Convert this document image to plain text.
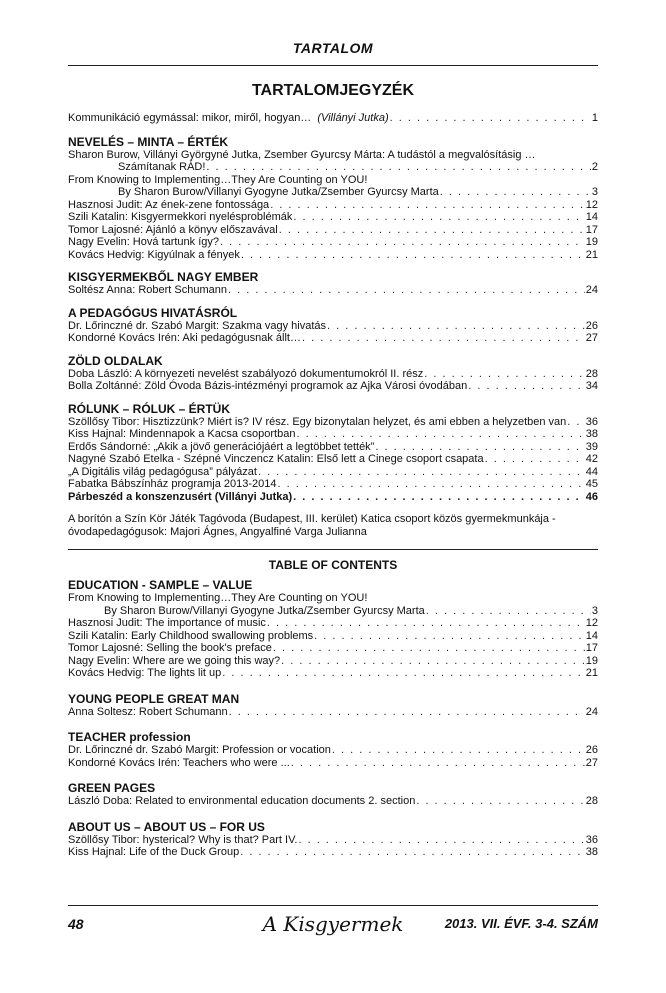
TARTALOM
TARTALOMJEGYZÉK
Kommunikáció egymással: mikor, miről, hogyan… (Villányi Jutka) . . .	1
NEVELÉS – MINTA – ÉRTÉK
Sharon Burow, Villányi Györgyné Jutka, Zsember Gyurcsy Márta: A tudástól a megvalósításig …
Számítanak RÁD! . . .	2
From Knowing to Implementing…They Are Counting on YOU!
By Sharon Burow/Villanyi Gyogyne Jutka/Zsember Gyurcsy Marta . . .	3
Hasznosi Judit: Az ének-zene fontossága . . .	12
Szili Katalin: Kisgyermekkori nyelésproblémák . . .	14
Tomor Lajosné: Ajánló a könyv előszavával . . .	17
Nagy Evelin: Hová tartunk így? . . .	19
Kovács Hedvig: Kigyúlnak a fények . . .	21
KISGYERMEKBŐL NAGY EMBER
Soltész Anna: Robert Schumann . . .	24
A PEDAGÓGUS HIVATÁSRÓL
Dr. Lőrinczné dr. Szabó Margit: Szakma vagy hivatás . . .	26
Kondorné Kovács Irén: Aki pedagógusnak állt… . . .	27
ZÖLD OLDALAK
Doba László: A környezeti nevelést szabályozó dokumentumokról II. rész . . .	28
Bolla Zoltánné: Zöld Óvoda Bázis-intézményi programok az Ajka Városi óvodában . . .	34
RÓLUNK – RÓLUK – ÉRTÜK
Szöllősy Tibor: Hisztizzünk? Miért is? IV rész. Egy bizonytalan helyzet, és ami ebben a helyzetben van . . . 36
Kiss Hajnal: Mindennapok a Kacsa csoportban . . .	38
Erdős Sándorné: „Akik a jövő generációjáért a legtöbbet tették” . . .	39
Nagyné Szabó Etelka - Szépné Vinczencz Katalin: Első lett a Cinege csoport csapata . . .	42
„A Digitális világ pedagógusa” pályázat . . .	44
Fabatka Bábszínház programja 2013-2014 . . .	45
Párbeszéd a konszenzusért (Villányi Jutka) . . .	46
A borítón a Szín Kör Játék Tagóvoda (Budapest, III. kerület) Katica csoport közös gyermekmunkája -
óvodapedagógusok: Majori Ágnes, Angyalfiné Varga Julianna
TABLE OF CONTENTS
EDUCATION - SAMPLE – VALUE
From Knowing to Implementing…They Are Counting on YOU!
By Sharon Burow/Villanyi Gyogyne Jutka/Zsember Gyurcsy Marta . . .	3
Hasznosi Judit: The importance of music . . .	12
Szili Katalin: Early Childhood swallowing problems . . .	14
Tomor Lajosné: Selling the book's preface . . .	17
Nagy Evelin: Where are we going this way? . . .	19
Kovács Hedvig: The lights lit up . . .	21
YOUNG PEOPLE GREAT MAN
Anna Soltesz: Robert Schumann . . .	24
TEACHER profession
Dr. Lőrinczné dr. Szabó Margit: Profession or vocation . . .	26
Kondorné Kovács Irén: Teachers who were ... . . .	27
GREEN PAGES
László Doba: Related to environmental education documents 2. section . . .	28
ABOUT US – ABOUT US – FOR US
Szöllősy Tibor: hysterical? Why is that? Part IV. . . .	36
Kiss Hajnal: Life of the Duck Group . . .	38
48	A Kisgyermek	2013. VII. ÉVF. 3-4. SZÁM
